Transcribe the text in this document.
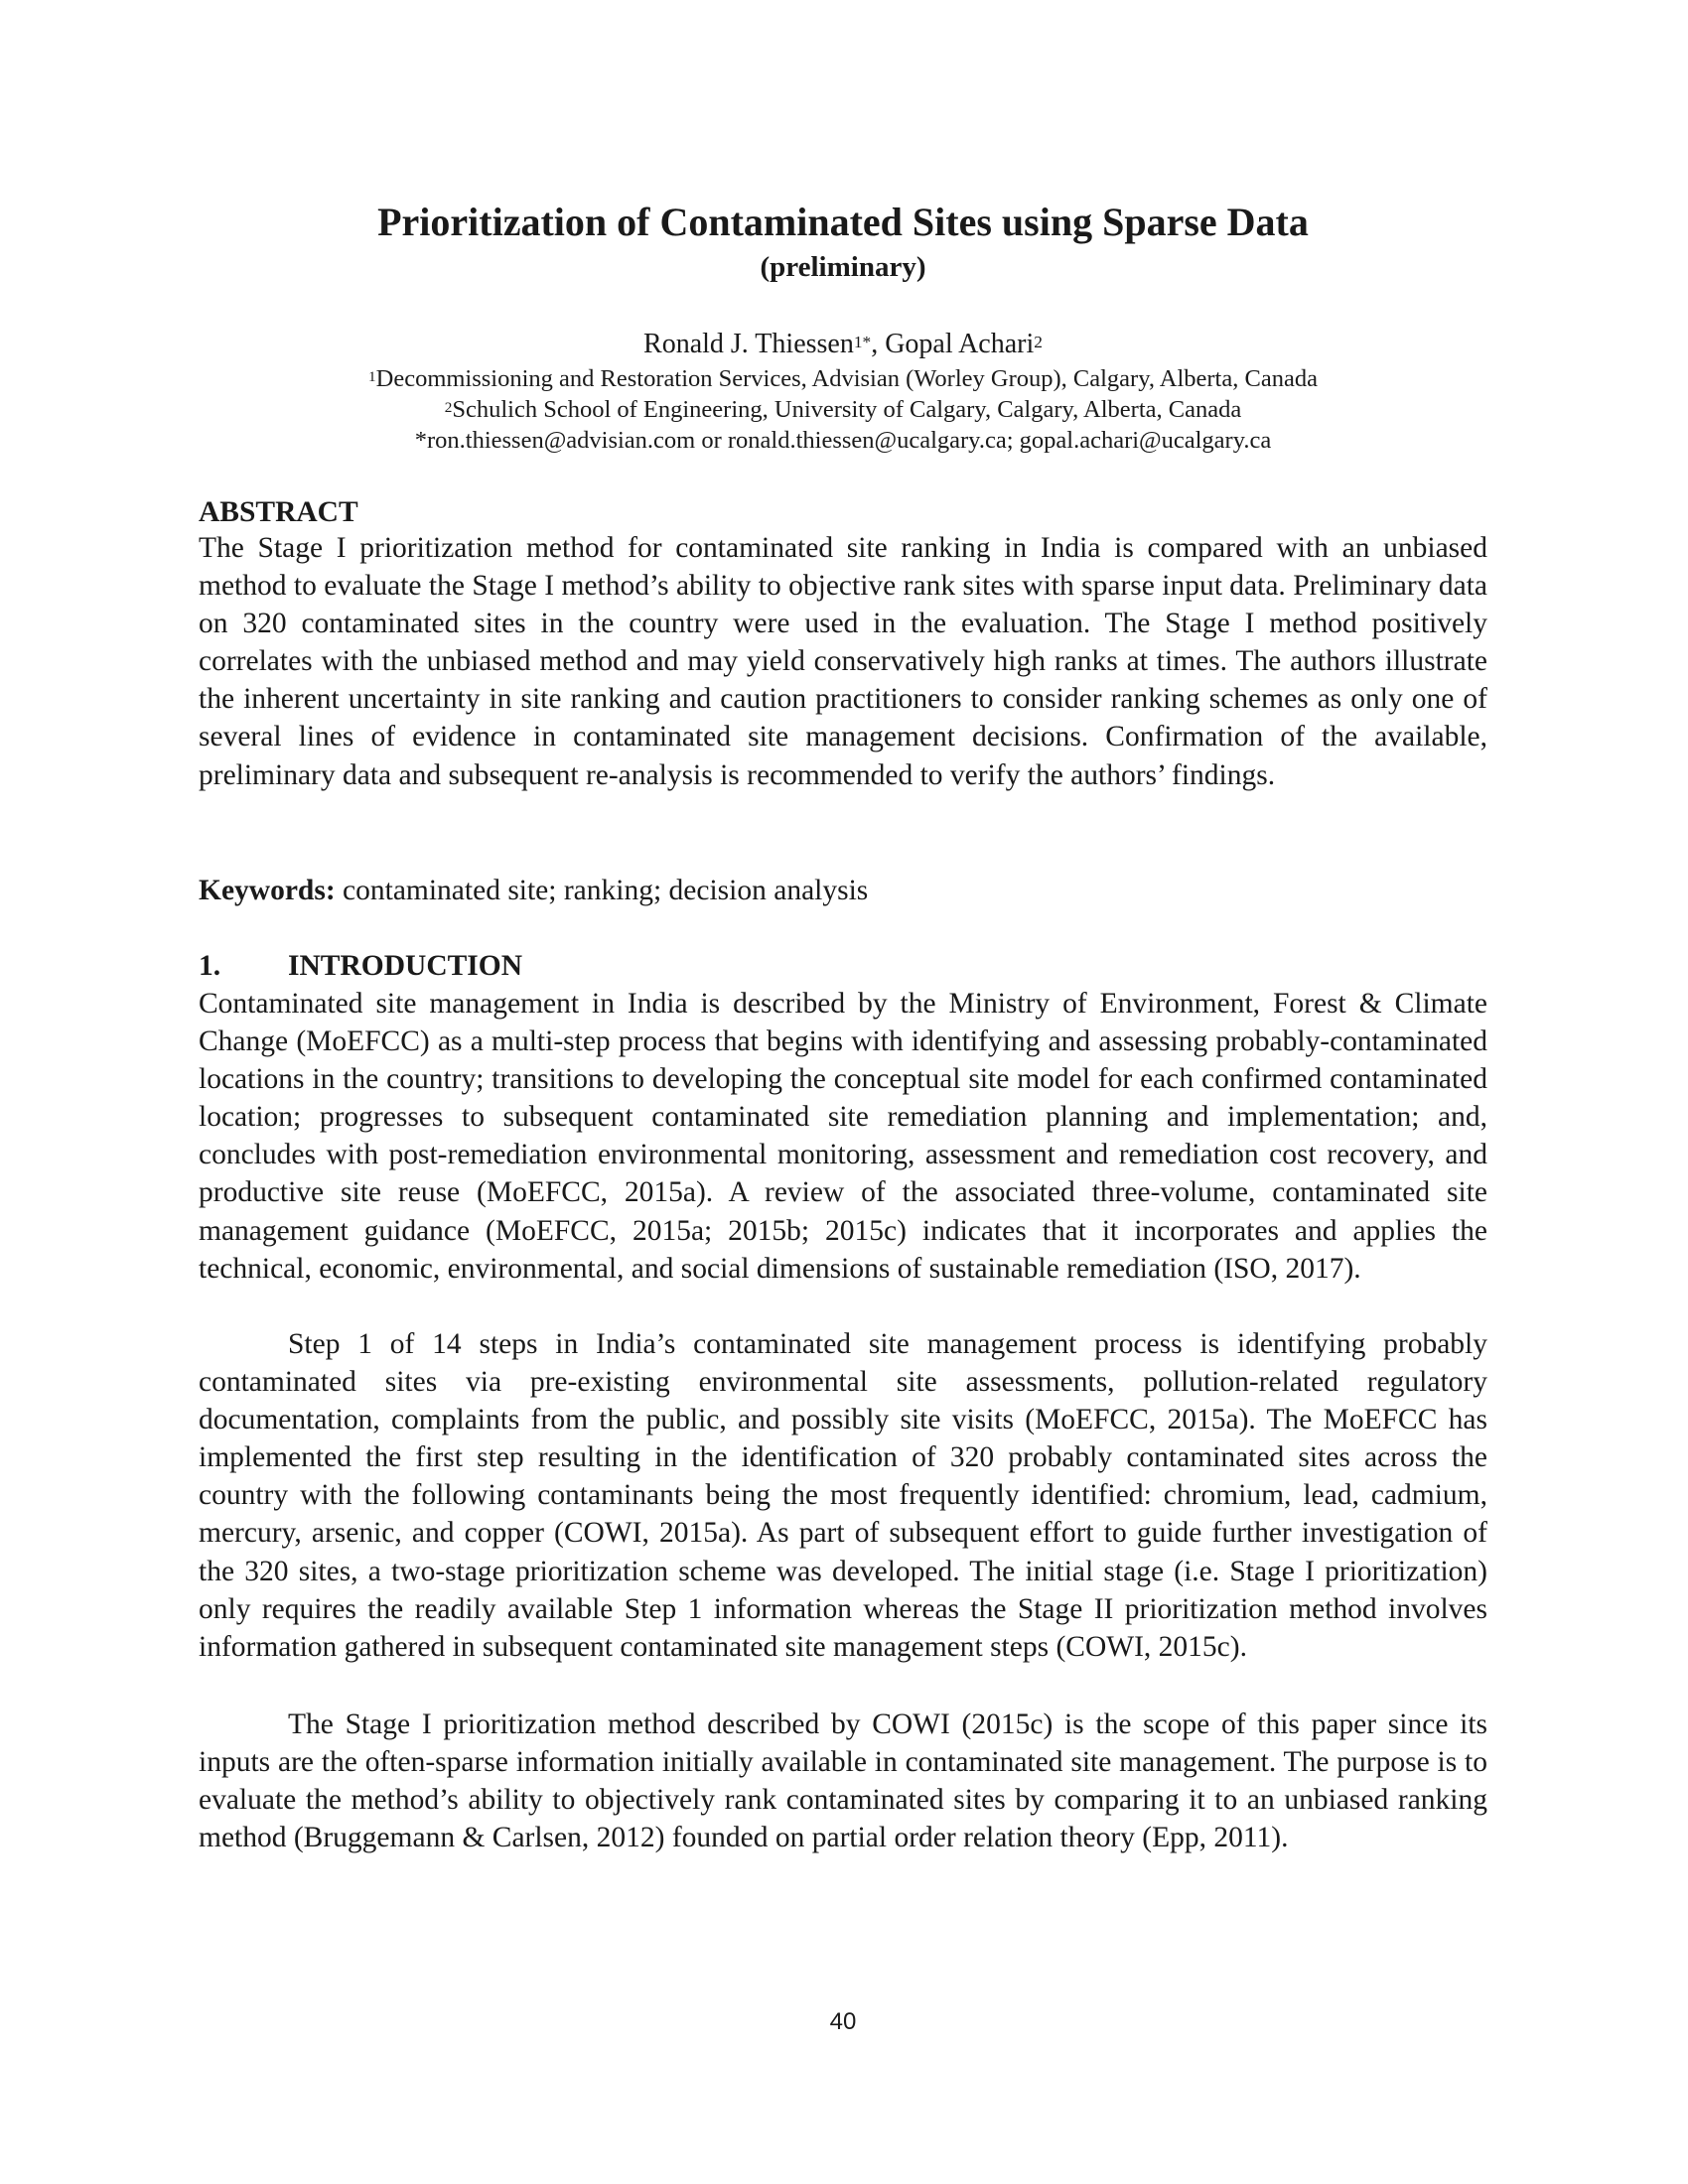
Prioritization of Contaminated Sites using Sparse Data
(preliminary)
Ronald J. Thiessen$^{1*}$, Gopal Achari$^2$
$^1$Decommissioning and Restoration Services, Advisian (Worley Group), Calgary, Alberta, Canada
$^2$Schulich School of Engineering, University of Calgary, Calgary, Alberta, Canada
*ron.thiessen@advisian.com or ronald.thiessen@ucalgary.ca; gopal.achari@ucalgary.ca
ABSTRACT

The Stage I prioritization method for contaminated site ranking in India is compared with an unbiased method to evaluate the Stage I method’s ability to objective rank sites with sparse input data. Preliminary data on 320 contaminated sites in the country were used in the evaluation. The Stage I method positively correlates with the unbiased method and may yield conservatively high ranks at times. The authors illustrate the inherent uncertainty in site ranking and caution practitioners to consider ranking schemes as only one of several lines of evidence in contaminated site management decisions. Confirmation of the available, preliminary data and subsequent re-analysis is recommended to verify the authors’ findings.

Keywords: contaminated site; ranking; decision analysis

1. INTRODUCTION

Contaminated site management in India is described by the Ministry of Environment, Forest & Climate Change (MoEFCC) as a multi-step process that begins with identifying and assessing probably-contaminated locations in the country; transitions to developing the conceptual site model for each confirmed contaminated location; progresses to subsequent contaminated site remediation planning and implementation; and, concludes with post-remediation environmental monitoring, assessment and remediation cost recovery, and productive site reuse (MoEFCC, 2015a). A review of the associated three-volume, contaminated site management guidance (MoEFCC, 2015a; 2015b; 2015c) indicates that it incorporates and applies the technical, economic, environmental, and social dimensions of sustainable remediation (ISO, 2017).

Step 1 of 14 steps in India’s contaminated site management process is identifying probably contaminated sites via pre-existing environmental site assessments, pollution-related regulatory documentation, complaints from the public, and possibly site visits (MoEFCC, 2015a). The MoEFCC has implemented the first step resulting in the identification of 320 probably contaminated sites across the country with the following contaminants being the most frequently identified: chromium, lead, cadmium, mercury, arsenic, and copper (COWI, 2015a). As part of subsequent effort to guide further investigation of the 320 sites, a two-stage prioritization scheme was developed. The initial stage (i.e. Stage I prioritization) only requires the readily available Step 1 information whereas the Stage II prioritization method involves information gathered in subsequent contaminated site management steps (COWI, 2015c).

The Stage I prioritization method described by COWI (2015c) is the scope of this paper since its inputs are the often-sparse information initially available in contaminated site management. The purpose is to evaluate the method’s ability to objectively rank contaminated sites by comparing it to an unbiased ranking method (Bruggemann & Carlsen, 2012) founded on partial order relation theory (Epp, 2011).

40
